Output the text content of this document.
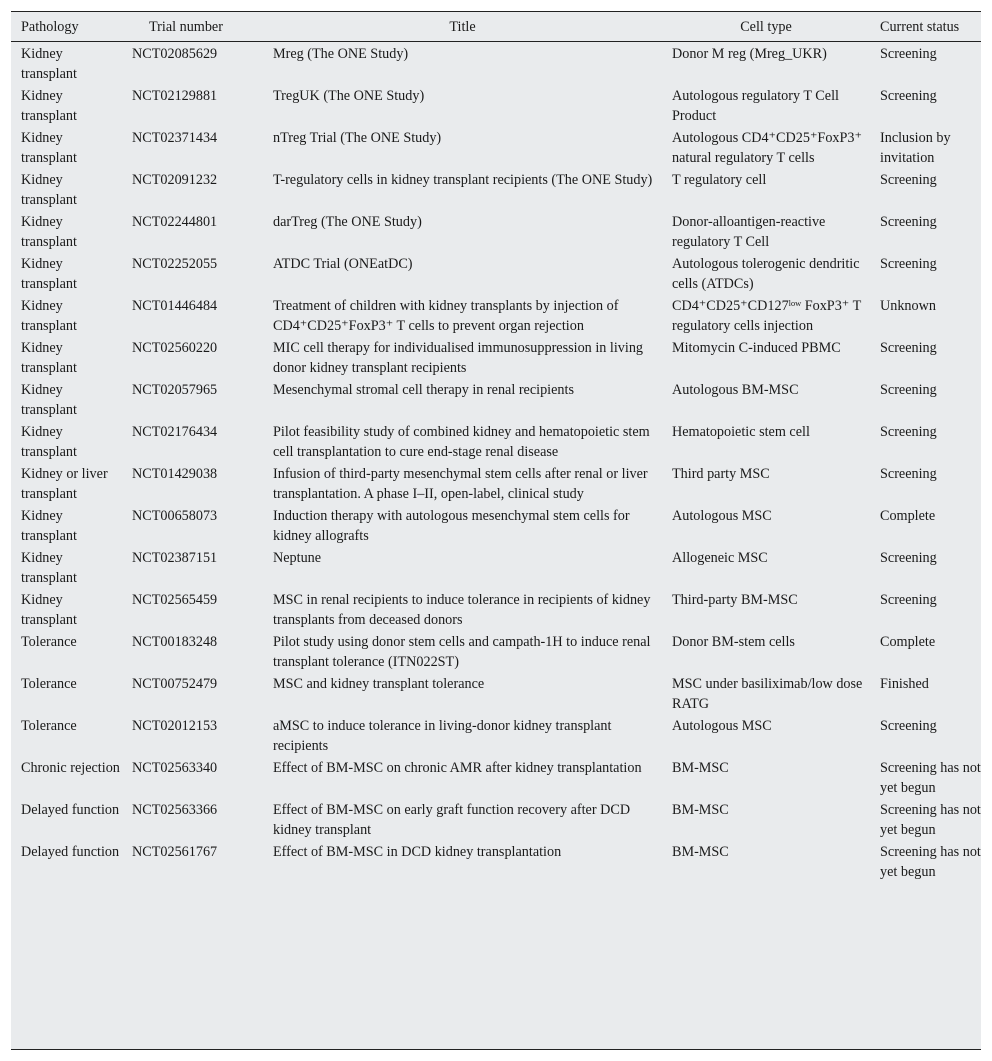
Pathology	Trial number	Title	Cell type	Current status
Kidney transplant	NCT02085629	Mreg (The ONE Study)	Donor M reg (Mreg_UKR)	Screening
Kidney transplant	NCT02129881	TregUK (The ONE Study)	Autologous regulatory T Cell Product	Screening
Kidney transplant	NCT02371434	nTreg Trial (The ONE Study)	Autologous CD4⁺CD25⁺FoxP3⁺ natural regulatory T cells	Inclusion by invitation
Kidney transplant	NCT02091232	T-regulatory cells in kidney transplant recipients (The ONE Study)	T regulatory cell	Screening
Kidney transplant	NCT02244801	darTreg (The ONE Study)	Donor-alloantigen-reactive regulatory T Cell	Screening
Kidney transplant	NCT02252055	ATDC Trial (ONEatDC)	Autologous tolerogenic dendritic cells (ATDCs)	Screening
Kidney transplant	NCT01446484	Treatment of children with kidney transplants by injection of CD4⁺CD25⁺FoxP3⁺ T cells to prevent organ rejection	CD4⁺CD25⁺CD127ˡᵒʷ FoxP3⁺ T regulatory cells injection	Unknown
Kidney transplant	NCT02560220	MIC cell therapy for individualised immunosuppression in living donor kidney transplant recipients	Mitomycin C-induced PBMC	Screening
Kidney transplant	NCT02057965	Mesenchymal stromal cell therapy in renal recipients	Autologous BM-MSC	Screening
Kidney transplant	NCT02176434	Pilot feasibility study of combined kidney and hematopoietic stem cell transplantation to cure end-stage renal disease	Hematopoietic stem cell	Screening
Kidney or liver transplant	NCT01429038	Infusion of third-party mesenchymal stem cells after renal or liver transplantation. A phase I–II, open-label, clinical study	Third party MSC	Screening
Kidney transplant	NCT00658073	Induction therapy with autologous mesenchymal stem cells for kidney allografts	Autologous MSC	Complete
Kidney transplant	NCT02387151	Neptune	Allogeneic MSC	Screening
Kidney transplant	NCT02565459	MSC in renal recipients to induce tolerance in recipients of kidney transplants from deceased donors	Third-party BM-MSC	Screening
Tolerance	NCT00183248	Pilot study using donor stem cells and campath-1H to induce renal transplant tolerance (ITN022ST)	Donor BM-stem cells	Complete
Tolerance	NCT00752479	MSC and kidney transplant tolerance	MSC under basiliximab/low dose RATG	Finished
Tolerance	NCT02012153	aMSC to induce tolerance in living-donor kidney transplant recipients	Autologous MSC	Screening
Chronic rejection	NCT02563340	Effect of BM-MSC on chronic AMR after kidney transplantation	BM-MSC	Screening has not yet begun
Delayed function	NCT02563366	Effect of BM-MSC on early graft function recovery after DCD kidney transplant	BM-MSC	Screening has not yet begun
Delayed function	NCT02561767	Effect of BM-MSC in DCD kidney transplantation	BM-MSC	Screening has not yet begun
